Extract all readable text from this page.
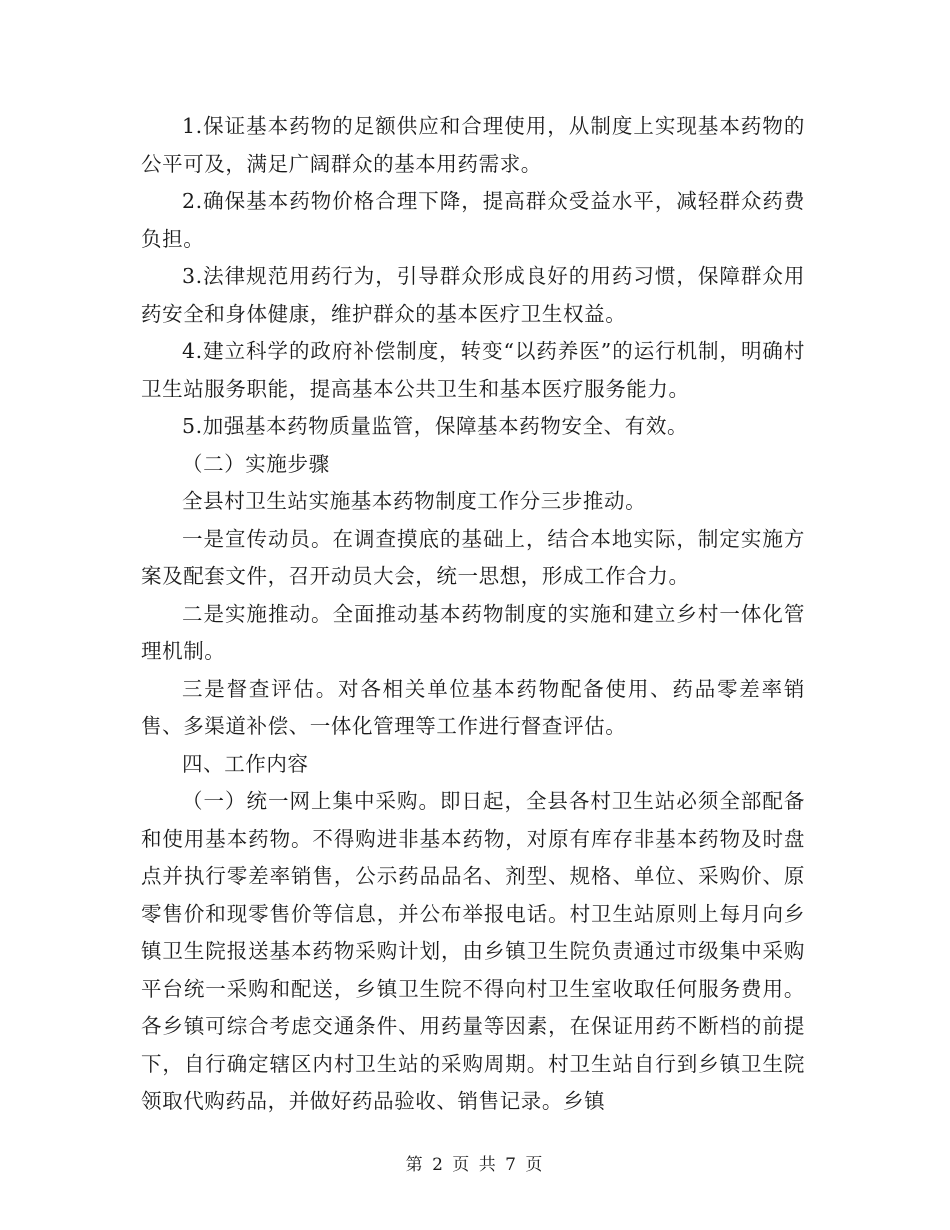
1.保证基本药物的足额供应和合理使用，从制度上实现基本药物的公平可及，满足广阔群众的基本用药需求。

2.确保基本药物价格合理下降，提高群众受益水平，减轻群众药费负担。

3.法律规范用药行为，引导群众形成良好的用药习惯，保障群众用药安全和身体健康，维护群众的基本医疗卫生权益。

4.建立科学的政府补偿制度，转变“以药养医”的运行机制，明确村卫生站服务职能，提高基本公共卫生和基本医疗服务能力。

5.加强基本药物质量监管，保障基本药物安全、有效。

（二）实施步骤

全县村卫生站实施基本药物制度工作分三步推动。

一是宣传动员。在调查摸底的基础上，结合本地实际，制定实施方案及配套文件，召开动员大会，统一思想，形成工作合力。

二是实施推动。全面推动基本药物制度的实施和建立乡村一体化管理机制。

三是督查评估。对各相关单位基本药物配备使用、药品零差率销售、多渠道补偿、一体化管理等工作进行督查评估。

四、工作内容

（一）统一网上集中采购。即日起，全县各村卫生站必须全部配备和使用基本药物。不得购进非基本药物，对原有库存非基本药物及时盘点并执行零差率销售，公示药品品名、剂型、规格、单位、采购价、原零售价和现零售价等信息，并公布举报电话。村卫生站原则上每月向乡镇卫生院报送基本药物采购计划，由乡镇卫生院负责通过市级集中采购平台统一采购和配送，乡镇卫生院不得向村卫生室收取任何服务费用。各乡镇可综合考虑交通条件、用药量等因素，在保证用药不断档的前提下，自行确定辖区内村卫生站的采购周期。村卫生站自行到乡镇卫生院领取代购药品，并做好药品验收、销售记录。乡镇

第 2 页 共 7 页
